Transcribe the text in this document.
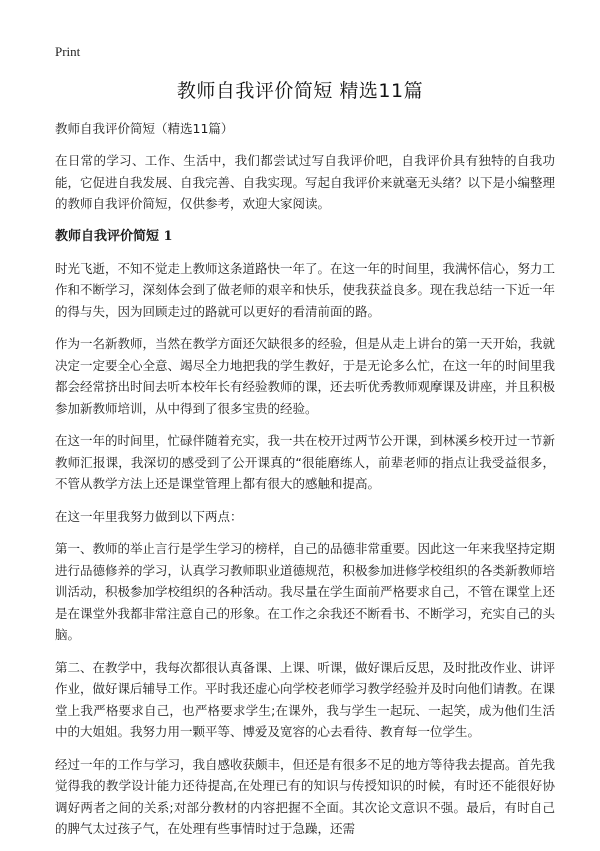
Print
教师自我评价简短 精选11篇

教师自我评价简短（精选11篇）

在日常的学习、工作、生活中，我们都尝试过写自我评价吧，自我评价具有独特的自我功能，它促进自我发展、自我完善、自我实现。写起自我评价来就毫无头绪？以下是小编整理的教师自我评价简短，仅供参考，欢迎大家阅读。

教师自我评价简短 1

时光飞逝，不知不觉走上教师这条道路快一年了。在这一年的时间里，我满怀信心，努力工作和不断学习，深刻体会到了做老师的艰辛和快乐，使我获益良多。现在我总结一下近一年的得与失，因为回顾走过的路就可以更好的看清前面的路。

作为一名新教师，当然在教学方面还欠缺很多的经验，但是从走上讲台的第一天开始，我就决定一定要全心全意、竭尽全力地把我的学生教好，于是无论多么忙，在这一年的时间里我都会经常挤出时间去听本校年长有经验教师的课，还去听优秀教师观摩课及讲座，并且积极参加新教师培训，从中得到了很多宝贵的经验。

在这一年的时间里，忙碌伴随着充实，我一共在校开过两节公开课，到林溪乡校开过一节新教师汇报课，我深切的感受到了公开课真的“很能磨练人，前辈老师的指点让我受益很多，不管从教学方法上还是课堂管理上都有很大的感触和提高。

在这一年里我努力做到以下两点：

第一、教师的举止言行是学生学习的榜样，自己的品德非常重要。因此这一年来我坚持定期进行品德修养的学习，认真学习教师职业道德规范，积极参加进修学校组织的各类新教师培训活动，积极参加学校组织的各种活动。我尽量在学生面前严格要求自己，不管在课堂上还是在课堂外我都非常注意自己的形象。在工作之余我还不断看书、不断学习，充实自己的头脑。

第二、在教学中，我每次都很认真备课、上课、听课，做好课后反思，及时批改作业、讲评作业，做好课后辅导工作。平时我还虚心向学校老师学习教学经验并及时向他们请教。在课堂上我严格要求自己，也严格要求学生;在课外，我与学生一起玩、一起笑，成为他们生活中的大姐姐。我努力用一颗平等、博爱及宽容的心去看待、教育每一位学生。

经过一年的工作与学习，我自感收获颇丰，但还是有很多不足的地方等待我去提高。首先我觉得我的教学设计能力还待提高,在处理已有的知识与传授知识的时候，有时还不能很好协调好两者之间的关系;对部分教材的内容把握不全面。其次论文意识不强。最后，有时自己的脾气太过孩子气，在处理有些事情时过于急躁，还需
